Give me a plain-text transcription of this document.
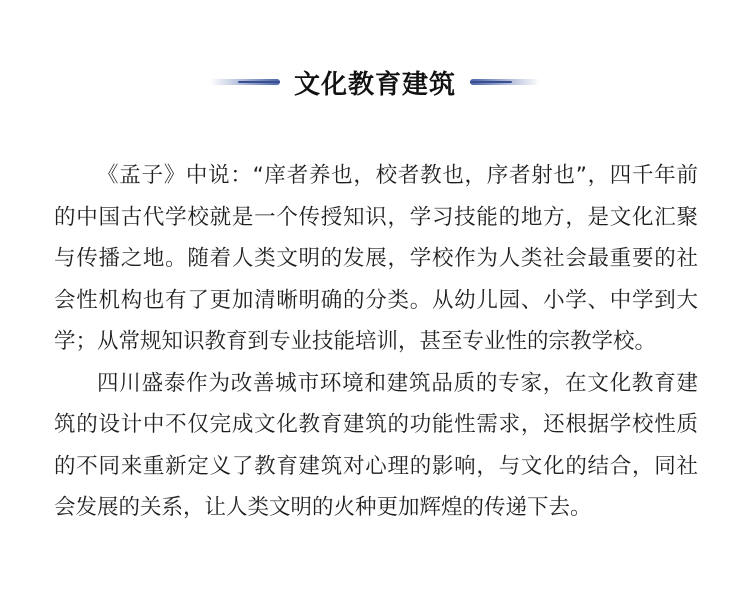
文化教育建筑

《孟子》中说：“庠者养也，校者教也，序者射也”，四千年前的中国古代学校就是一个传授知识，学习技能的地方，是文化汇聚与传播之地。随着人类文明的发展，学校作为人类社会最重要的社会性机构也有了更加清晰明确的分类。从幼儿园、小学、中学到大学；从常规知识教育到专业技能培训，甚至专业性的宗教学校。

四川盛泰作为改善城市环境和建筑品质的专家，在文化教育建筑的设计中不仅完成文化教育建筑的功能性需求，还根据学校性质的不同来重新定义了教育建筑对心理的影响，与文化的结合，同社会发展的关系，让人类文明的火种更加辉煌的传递下去。
